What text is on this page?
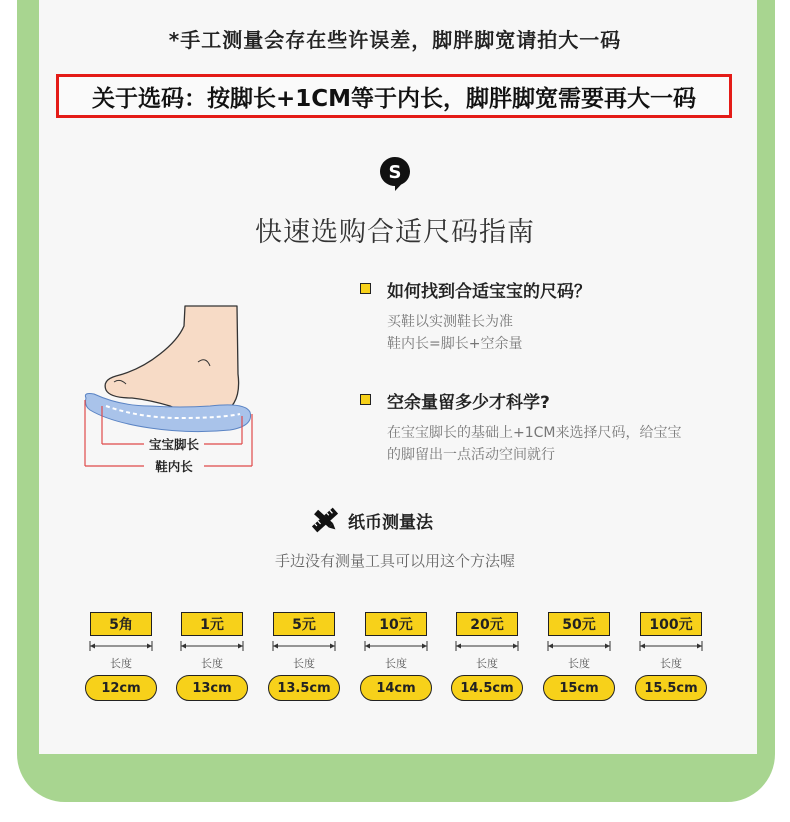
*手工测量会存在些许误差，脚胖脚宽请拍大一码
关于选码：按脚长+1CM等于内长，脚胖脚宽需要再大一码
S
快速选购合适尺码指南
宝宝脚长
鞋内长
如何找到合适宝宝的尺码？
买鞋以实测鞋长为准
鞋内长=脚长+空余量
空余量留多少才科学?
在宝宝脚长的基础上+1CM来选择尺码，给宝宝
的脚留出一点活动空间就行
纸币测量法
手边没有测量工具可以用这个方法喔
5角
长度
12cm
1元
长度
13cm
5元
长度
13.5cm
10元
长度
14cm
20元
长度
14.5cm
50元
长度
15cm
100元
长度
15.5cm
